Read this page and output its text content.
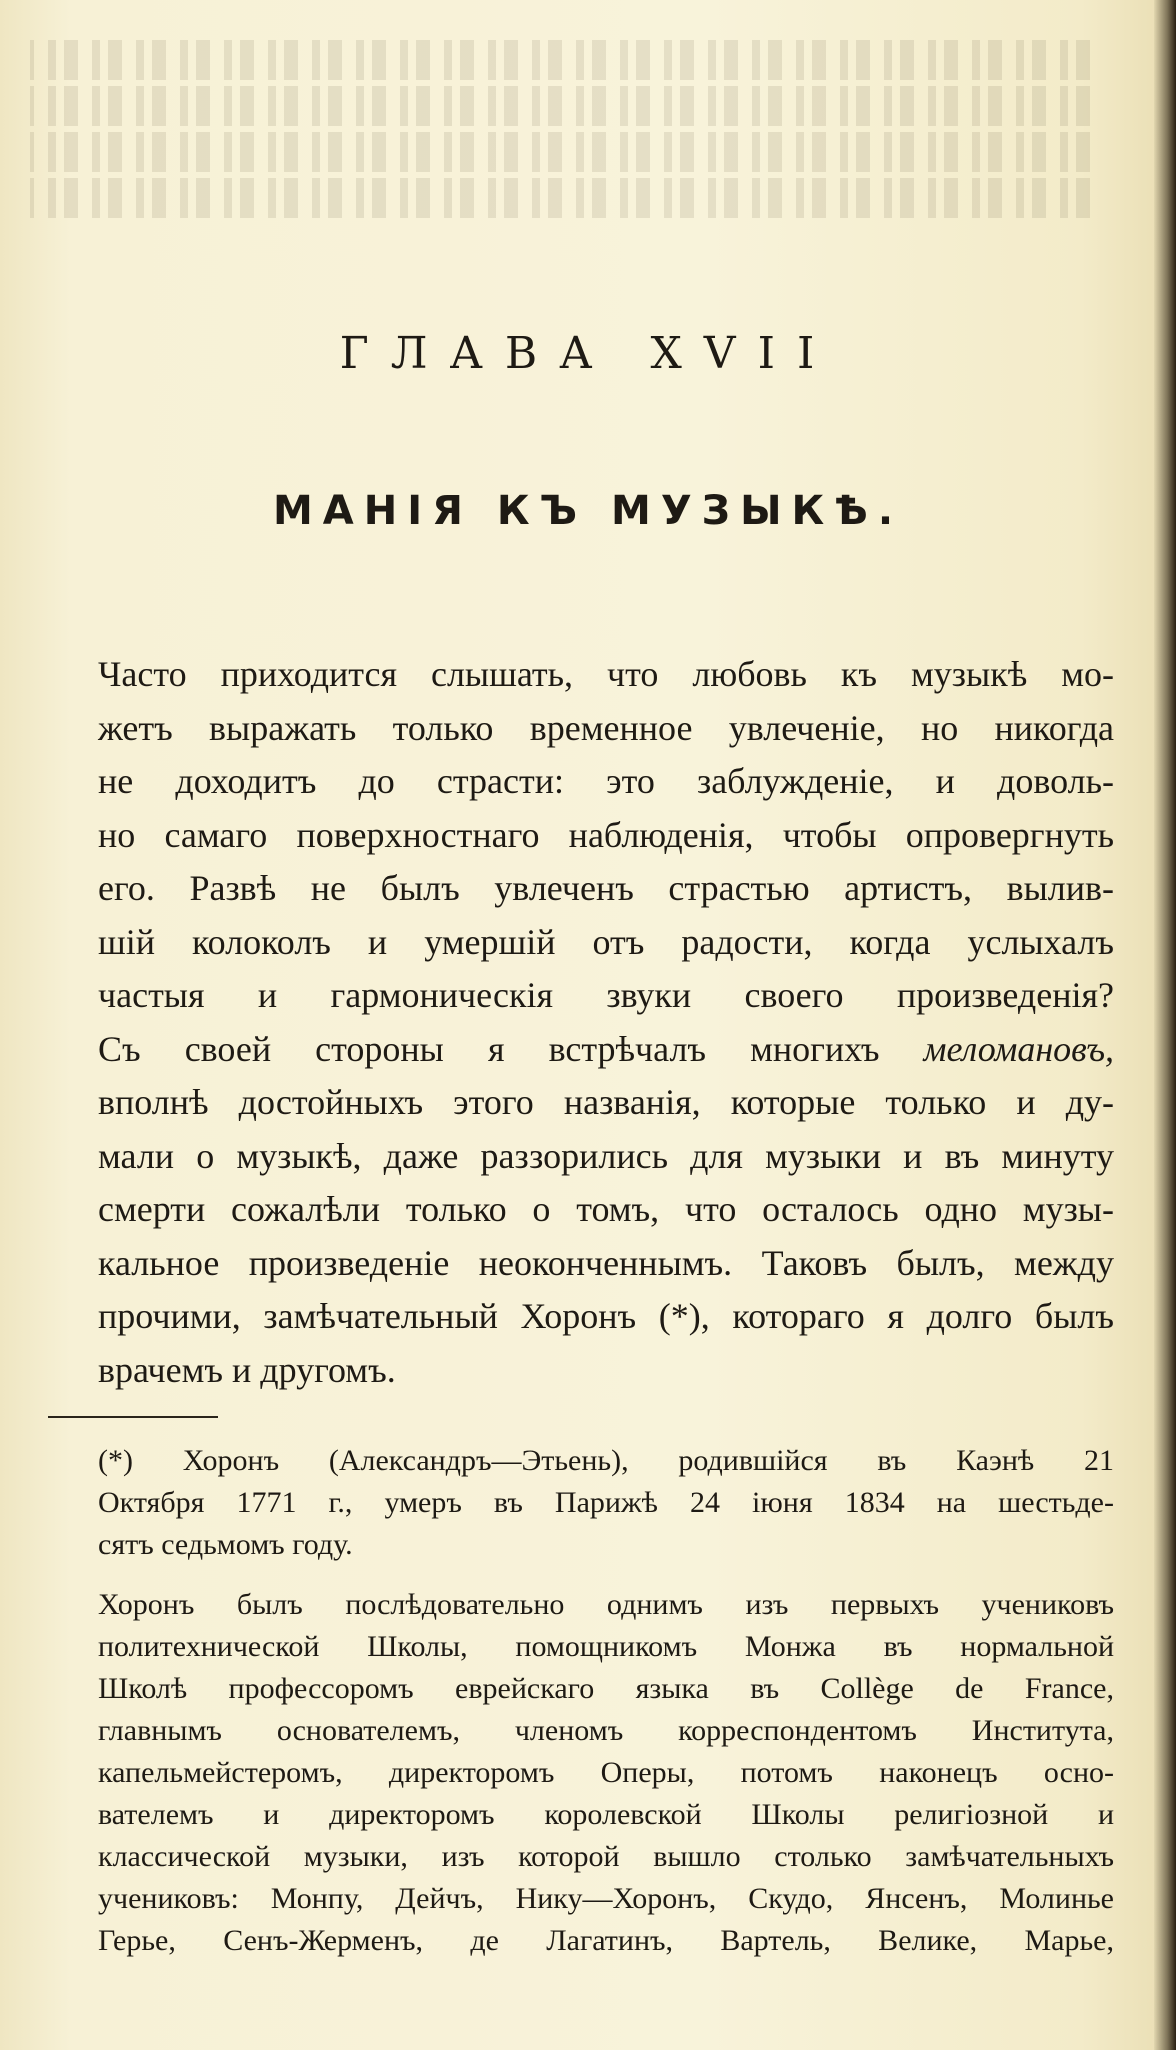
ГЛАВА XVII
МАНІЯ КЪ МУЗЫКѢ.
Часто приходится слышать, что любовь къ музыкѣ мо-
жетъ выражать только временное увлеченіе, но никогда
не доходитъ до страсти: это заблужденіе, и доволь-
но самаго поверхностнаго наблюденія, чтобы опровергнуть
его. Развѣ не былъ увлеченъ страстью артистъ, вылив-
шій колоколъ и умершій отъ радости, когда услыхалъ
частыя и гармоническія звуки своего произведенія?
Съ своей стороны я встрѣчалъ многихъ меломановъ,
вполнѣ достойныхъ этого названія, которые только и ду-
мали о музыкѣ, даже раззорились для музыки и въ минуту
смерти сожалѣли только о томъ, что осталось одно музы-
кальное произведеніе неоконченнымъ. Таковъ былъ, между
прочими, замѣчательный Хоронъ (*), котораго я долго былъ
врачемъ и другомъ.
(*) Хоронъ (Александръ—Этьень), родившійся въ Каэнѣ 21
Октября 1771 г., умеръ въ Парижѣ 24 іюня 1834 на шестьде-
сятъ седьмомъ году.
Хоронъ былъ послѣдовательно однимъ изъ первыхъ учениковъ
политехнической Школы, помощникомъ Монжа въ нормальной
Школѣ профессоромъ еврейскаго языка въ Collège de France,
главнымъ основателемъ, членомъ корреспондентомъ Института,
капельмейстеромъ, директоромъ Оперы, потомъ наконецъ осно-
вателемъ и директоромъ королевской Школы религіозной и
классической музыки, изъ которой вышло столько замѣчательныхъ
учениковъ: Монпу, Дейчъ, Нику—Хоронъ, Скудо, Янсенъ, Молинье
Герье, Сенъ-Жерменъ, де Лагатинъ, Вартель, Велике, Марье,
